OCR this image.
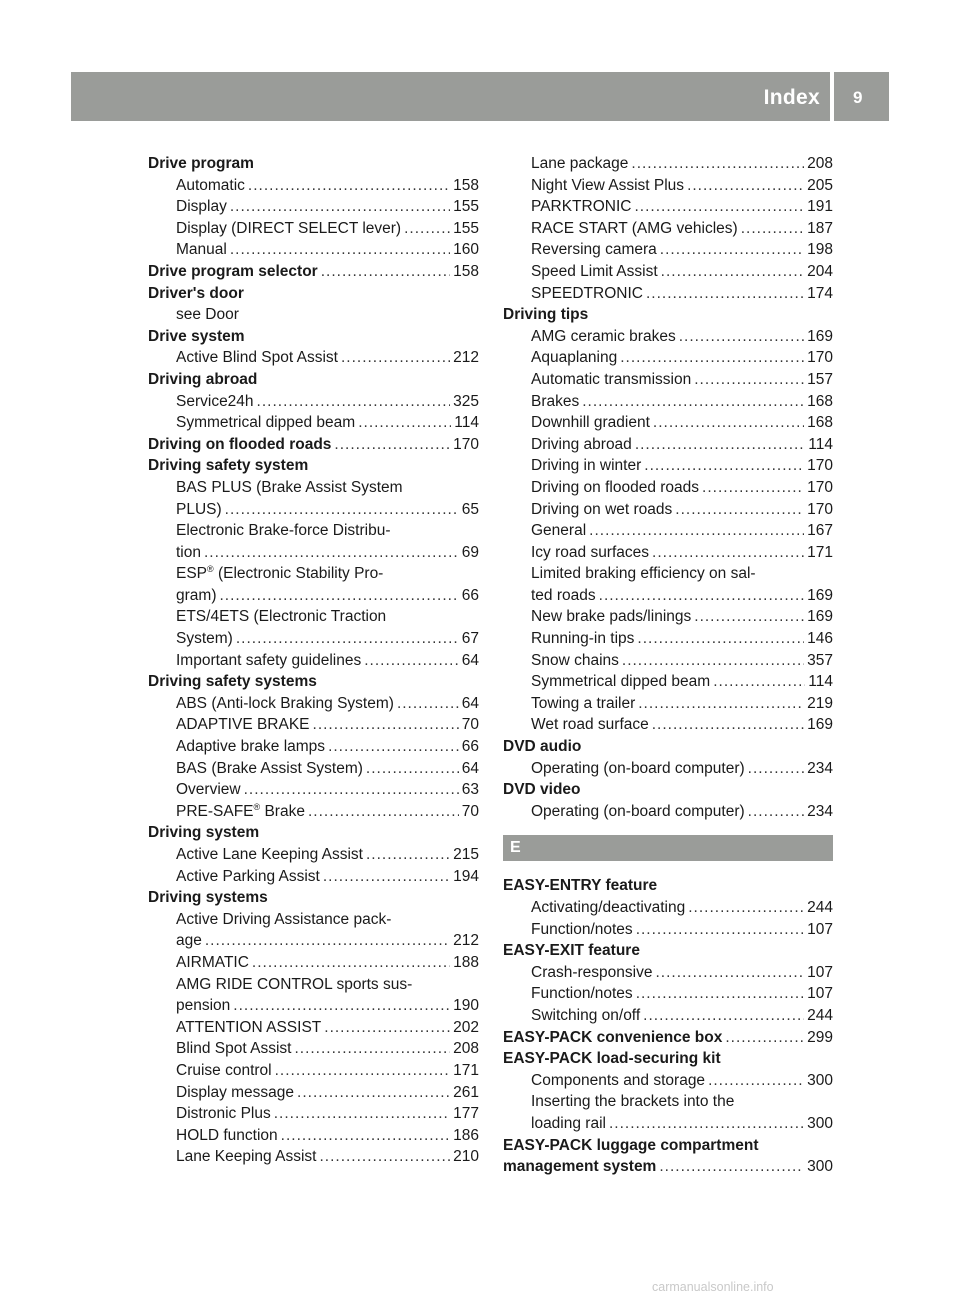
Index 9
Drive program
Automatic .....	158
Display .....	155
Display (DIRECT SELECT lever) .....	155
Manual .....	160
Drive program selector .....	158
Driver's door
see Door
Drive system
Active Blind Spot Assist .....	212
Driving abroad
Service24h .....	325
Symmetrical dipped beam .....	114
Driving on flooded roads .....	170
Driving safety system
BAS PLUS (Brake Assist System
PLUS) .....	65
Electronic Brake-force Distribu-
tion .....	69
ESP® (Electronic Stability Pro-
gram) .....	66
ETS/4ETS (Electronic Traction
System) .....	67
Important safety guidelines .....	64
Driving safety systems
ABS (Anti-lock Braking System) .....	64
ADAPTIVE BRAKE .....	70
Adaptive brake lamps .....	66
BAS (Brake Assist System) .....	64
Overview .....	63
PRE-SAFE® Brake .....	70
Driving system
Active Lane Keeping Assist .....	215
Active Parking Assist .....	194
Driving systems
Active Driving Assistance pack-
age .....	212
AIRMATIC .....	188
AMG RIDE CONTROL sports sus-
pension .....	190
ATTENTION ASSIST .....	202
Blind Spot Assist .....	208
Cruise control .....	171
Display message .....	261
Distronic Plus .....	177
HOLD function .....	186
Lane Keeping Assist .....	210
Lane package .....	208
Night View Assist Plus .....	205
PARKTRONIC .....	191
RACE START (AMG vehicles) .....	187
Reversing camera .....	198
Speed Limit Assist .....	204
SPEEDTRONIC .....	174
Driving tips
AMG ceramic brakes .....	169
Aquaplaning .....	170
Automatic transmission .....	157
Brakes .....	168
Downhill gradient .....	168
Driving abroad .....	114
Driving in winter .....	170
Driving on flooded roads .....	170
Driving on wet roads .....	170
General .....	167
Icy road surfaces .....	171
Limited braking efficiency on sal-
ted roads .....	169
New brake pads/linings .....	169
Running-in tips .....	146
Snow chains .....	357
Symmetrical dipped beam .....	114
Towing a trailer .....	219
Wet road surface .....	169
DVD audio
Operating (on-board computer) .....	234
DVD video
Operating (on-board computer) .....	234
E
EASY-ENTRY feature
Activating/deactivating .....	244
Function/notes .....	107
EASY-EXIT feature
Crash-responsive .....	107
Function/notes .....	107
Switching on/off .....	244
EASY-PACK convenience box .....	299
EASY-PACK load-securing kit
Components and storage .....	300
Inserting the brackets into the
loading rail .....	300
EASY-PACK luggage compartment
management system .....	300
carmanualsonline.info
